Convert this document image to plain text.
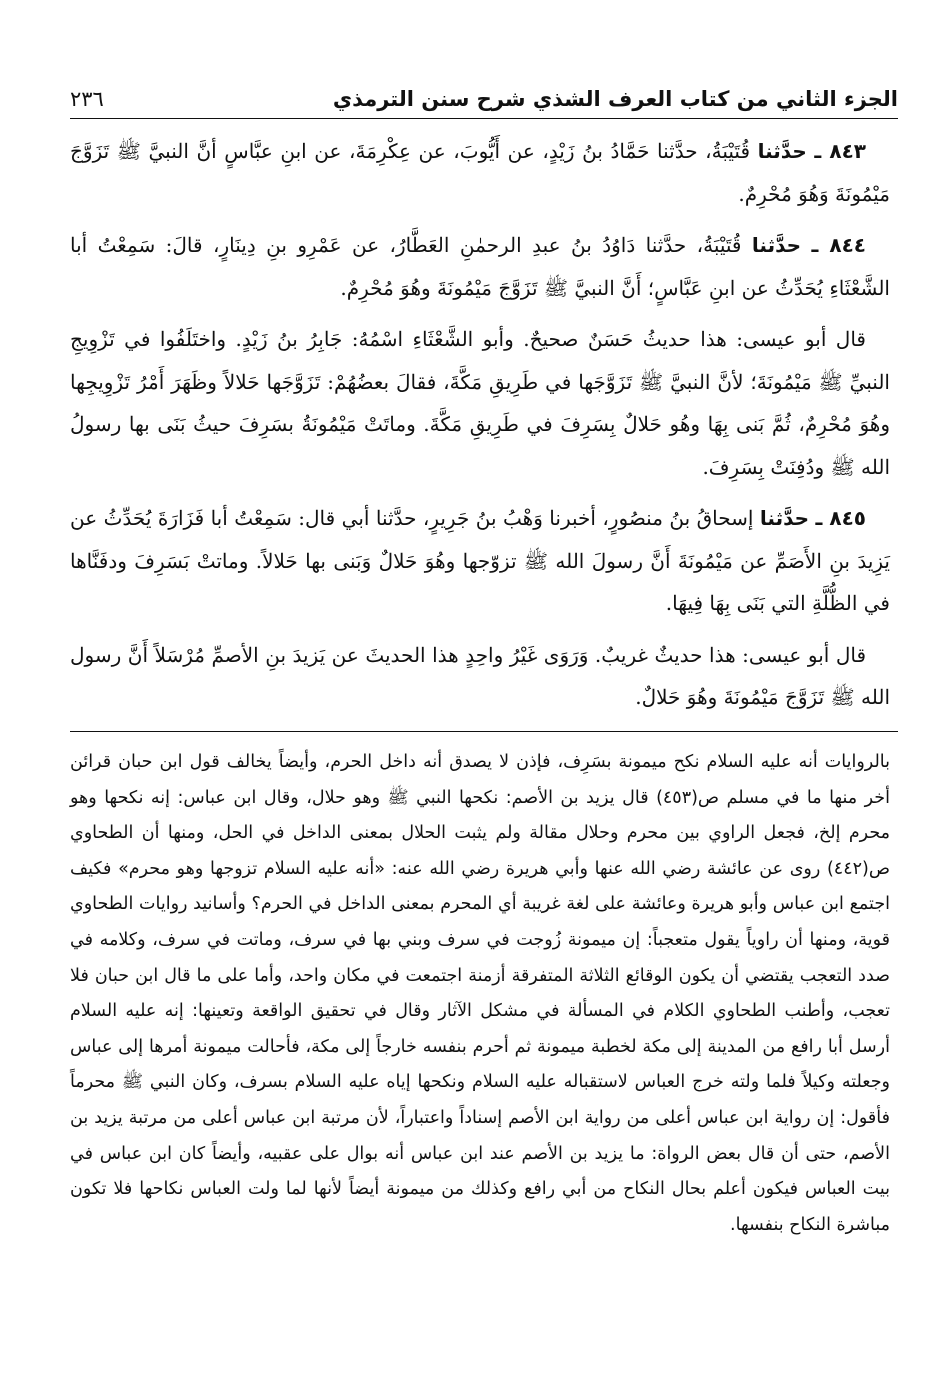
الجزء الثاني من كتاب العرف الشذي شرح سنن الترمذي
٢٣٦

٨٤٣ ـ حدَّثنا قُتَيْبَةُ، حدَّثنا حَمَّادُ بنُ زَيْدٍ، عن أَيُّوبَ، عن عِكْرِمَةَ، عن ابنِ عبَّاسٍ أنَّ النبيَّ ﷺ تَزَوَّجَ مَيْمُونَةَ وَهُوَ مُحْرِمٌ.

٨٤٤ ـ حدَّثنا قُتَيْبَةُ، حدَّثنا دَاوُدُ بنُ عبدِ الرحمٰنِ العَطَّارُ، عن عَمْرِو بنِ دِينَارٍ، قالَ: سَمِعْتُ أبا الشَّعْثَاءِ يُحَدِّثُ عن ابنِ عَبَّاسٍ؛ أَنَّ النبيَّ ﷺ تَزَوَّجَ مَيْمُونَةَ وهُوَ مُحْرِمٌ.

قال أبو عيسى: هذا حديثُ حَسَنٌ صحيحٌ. وأبو الشَّعْثَاءِ اسْمُهُ: جَابِرُ بنُ زَيْدٍ. واختَلَفُوا في تَزْوِيجِ النبيِّ ﷺ مَيْمُونَةَ؛ لأنَّ النبيَّ ﷺ تَزَوَّجَها في طَرِيقِ مَكَّةَ، فقالَ بعضُهُمْ: تَزَوَّجَها حَلالاً وظَهَرَ أَمْرُ تَزْوِيجِها وهُوَ مُحْرِمٌ، ثُمَّ بَنى بِهَا وهُو حَلالٌ بِسَرِفَ في طَرِيقِ مَكَّةَ. وماتَتْ مَيْمُونَةُ بسَرِفَ حيثُ بَنَى بها رسولُ الله ﷺ ودُفِنَتْ بِسَرِفَ.

٨٤٥ ـ حدَّثنا إسحاقُ بنُ منصُورٍ، أخبرنا وَهْبُ بنُ جَرِيرٍ، حدَّثنا أبي قال: سَمِعْتُ أبا فَزَارَةَ يُحَدِّثُ عن يَزِيدَ بنِ الأَصَمِّ عن مَيْمُونَةَ أَنَّ رسولَ الله ﷺ تزوّجها وهُوَ حَلالٌ وَبَنى بها حَلالاً. وماتتْ بَسَرِفَ ودفَنَّاها في الظُّلَّةِ التي بَنَى بِهَا فِيهَا.

قال أبو عيسى: هذا حديثٌ غريبٌ. وَرَوَى غَيْرُ واحِدٍ هذا الحديثَ عن يَزيدَ بنِ الأصمِّ مُرْسَلاً أَنَّ رسول الله ﷺ تَزَوَّجَ مَيْمُونَةَ وهُوَ حَلالٌ.

بالروايات أنه عليه السلام نكح ميمونة بسَرِف، فإذن لا يصدق أنه داخل الحرم، وأيضاً يخالف قول ابن حبان قرائن أخر منها ما في مسلم ص(٤٥٣) قال يزيد بن الأصم: نكحها النبي ﷺ وهو حلال، وقال ابن عباس: إنه نكحها وهو محرم إلخ، فجعل الراوي بين محرم وحلال مقالة ولم يثبت الحلال بمعنى الداخل في الحل، ومنها أن الطحاوي ص(٤٤٢) روى عن عائشة رضي الله عنها وأبي هريرة رضي الله عنه: «أنه عليه السلام تزوجها وهو محرم» فكيف اجتمع ابن عباس وأبو هريرة وعائشة على لغة غريبة أي المحرم بمعنى الداخل في الحرم؟ وأسانيد روايات الطحاوي قوية، ومنها أن راوياً يقول متعجباً: إن ميمونة زُوجت في سرف وبني بها في سرف، وماتت في سرف، وكلامه في صدد التعجب يقتضي أن يكون الوقائع الثلاثة المتفرقة أزمنة اجتمعت في مكان واحد، وأما على ما قال ابن حبان فلا تعجب، وأطنب الطحاوي الكلام في المسألة في مشكل الآثار وقال في تحقيق الواقعة وتعينها: إنه عليه السلام أرسل أبا رافع من المدينة إلى مكة لخطبة ميمونة ثم أحرم بنفسه خارجاً إلى مكة، فأحالت ميمونة أمرها إلى عباس وجعلته وكيلاً فلما ولته خرج العباس لاستقباله عليه السلام ونكحها إياه عليه السلام بسرف، وكان النبي ﷺ محرماً فأقول: إن رواية ابن عباس أعلى من رواية ابن الأصم إسناداً واعتباراً، لأن مرتبة ابن عباس أعلى من مرتبة يزيد بن الأصم، حتى أن قال بعض الرواة: ما يزيد بن الأصم عند ابن عباس أنه بوال على عقبيه، وأيضاً كان ابن عباس في بيت العباس فيكون أعلم بحال النكاح من أبي رافع وكذلك من ميمونة أيضاً لأنها لما ولت العباس نكاحها فلا تكون مباشرة النكاح بنفسها.
